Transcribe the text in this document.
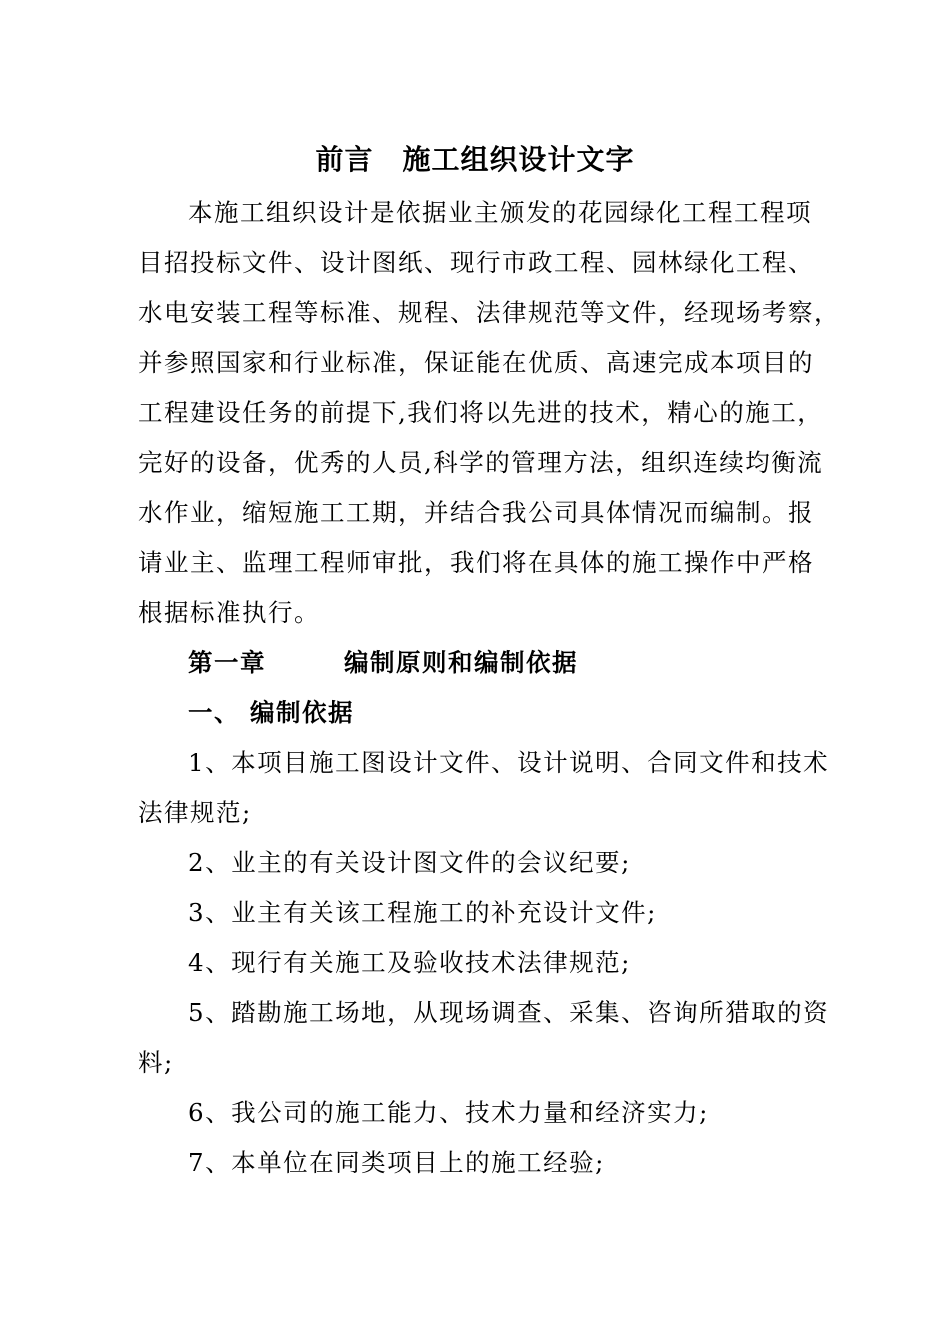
前言　施工组织设计文字
本施工组织设计是依据业主颁发的花园绿化工程工程项
目招投标文件、设计图纸、现行市政工程、园林绿化工程、
水电安装工程等标准、规程、法律规范等文件，经现场考察，
并参照国家和行业标准，保证能在优质、高速完成本项目的
工程建设任务的前提下,我们将以先进的技术，精心的施工，
完好的设备，优秀的人员,科学的管理方法，组织连续均衡流
水作业，缩短施工工期，并结合我公司具体情况而编制。报
请业主、监理工程师审批，我们将在具体的施工操作中严格
根据标准执行。
第一章　　　编制原则和编制依据
一、 编制依据
1、本项目施工图设计文件、设计说明、合同文件和技术
法律规范;
2、业主的有关设计图文件的会议纪要;
3、业主有关该工程施工的补充设计文件;
4、现行有关施工及验收技术法律规范;
5、踏勘施工场地，从现场调查、采集、咨询所猎取的资
料;
6、我公司的施工能力、技术力量和经济实力;
7、本单位在同类项目上的施工经验;
